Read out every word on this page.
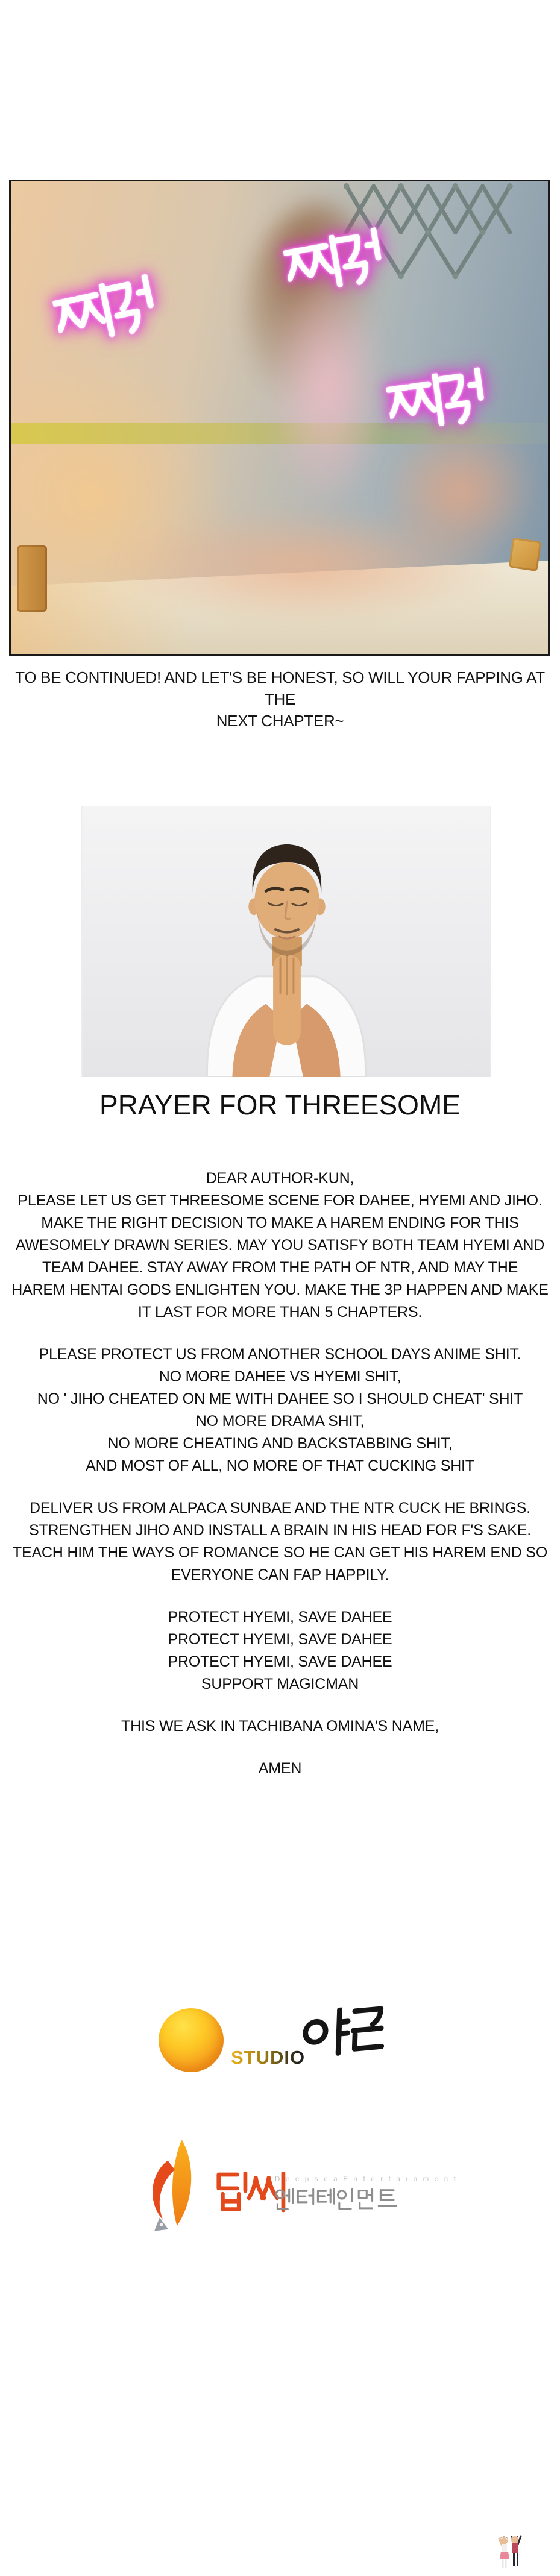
TO BE CONTINUED! AND LET'S BE HONEST, SO WILL YOUR FAPPING AT THE
NEXT CHAPTER~
PRAYER FOR THREESOME

DEAR AUTHOR-KUN,
PLEASE LET US GET THREESOME SCENE FOR DAHEE, HYEMI AND JIHO.
MAKE THE RIGHT DECISION TO MAKE A HAREM ENDING FOR THIS
AWESOMELY DRAWN SERIES. MAY YOU SATISFY BOTH TEAM HYEMI AND
TEAM DAHEE. STAY AWAY FROM THE PATH OF NTR, AND MAY THE
HAREM HENTAI GODS ENLIGHTEN YOU. MAKE THE 3P HAPPEN AND MAKE
IT LAST FOR MORE THAN 5 CHAPTERS.

PLEASE PROTECT US FROM ANOTHER SCHOOL DAYS ANIME SHIT.
NO MORE DAHEE VS HYEMI SHIT,
NO ' JIHO CHEATED ON ME WITH DAHEE SO I SHOULD CHEAT' SHIT
NO MORE DRAMA SHIT,
NO MORE CHEATING AND BACKSTABBING SHIT,
AND MOST OF ALL, NO MORE OF THAT CUCKING SHIT

DELIVER US FROM ALPACA SUNBAE AND THE NTR CUCK HE BRINGS.
STRENGTHEN JIHO AND INSTALL A BRAIN IN HIS HEAD FOR F'S SAKE.
TEACH HIM THE WAYS OF ROMANCE SO HE CAN GET HIS HAREM END SO
EVERYONE CAN FAP HAPPILY.

PROTECT HYEMI, SAVE DAHEE
PROTECT HYEMI, SAVE DAHEE
PROTECT HYEMI, SAVE DAHEE
SUPPORT MAGICMAN

THIS WE ASK IN TACHIBANA OMINA'S NAME,

AMEN

STUDIO
D e e p s e a E n t e r t a i n m e n t
